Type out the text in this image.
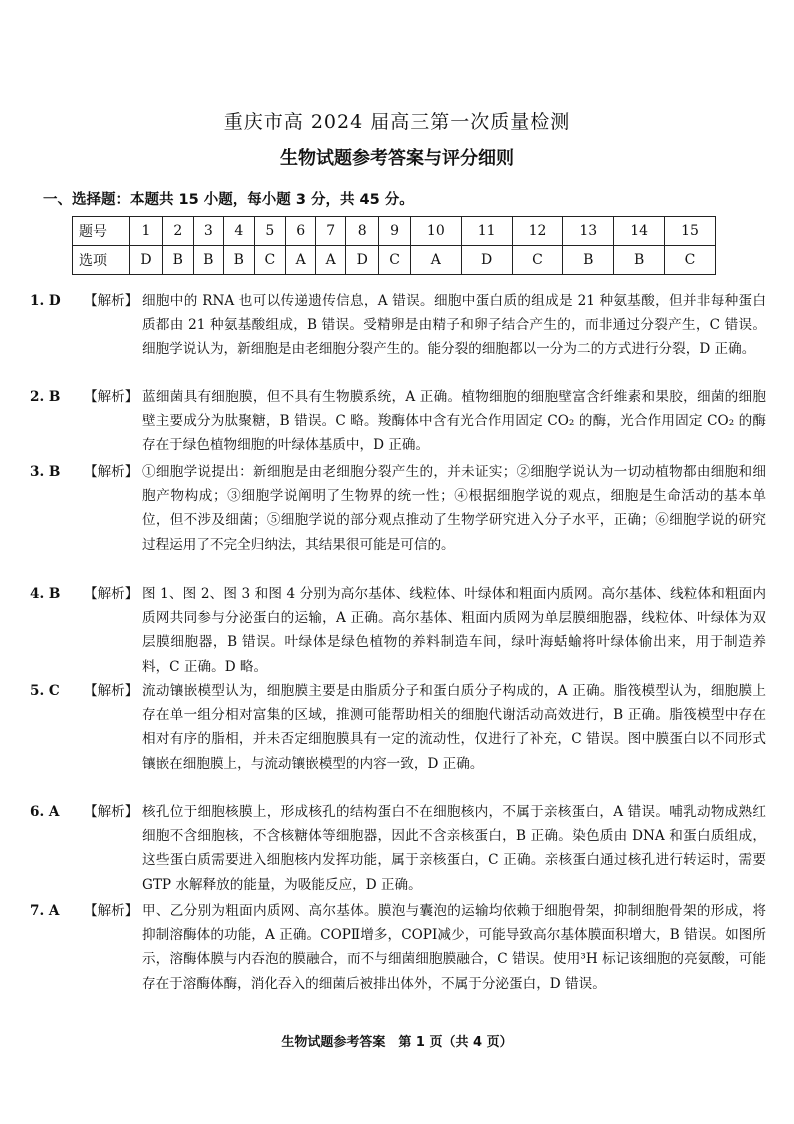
重庆市高 2024 届高三第一次质量检测
生物试题参考答案与评分细则
一、选择题：本题共 15 小题，每小题 3 分，共 45 分。
题号	1	2	3	4	5	6	7	8	9	10	11	12	13	14	15
选项	D	B	B	B	C	A	A	D	C	A	D	C	B	B	C
1. D	【解析】 细胞中的 RNA 也可以传递遗传信息，A 错误。细胞中蛋白质的组成是 21 种氨基酸，但并非每种蛋白质都由 21 种氨基酸组成，B 错误。受精卵是由精子和卵子结合产生的，而非通过分裂产生，C 错误。细胞学说认为，新细胞是由老细胞分裂产生的。能分裂的细胞都以一分为二的方式进行分裂，D 正确。
2. B	【解析】 蓝细菌具有细胞膜，但不具有生物膜系统，A 正确。植物细胞的细胞壁富含纤维素和果胶，细菌的细胞壁主要成分为肽聚糖，B 错误。C 略。羧酶体中含有光合作用固定 CO₂ 的酶，光合作用固定 CO₂ 的酶存在于绿色植物细胞的叶绿体基质中，D 正确。
3. B	【解析】 ①细胞学说提出：新细胞是由老细胞分裂产生的，并未证实；②细胞学说认为一切动植物都由细胞和细胞产物构成；③细胞学说阐明了生物界的统一性；④根据细胞学说的观点，细胞是生命活动的基本单位，但不涉及细菌；⑤细胞学说的部分观点推动了生物学研究进入分子水平，正确；⑥细胞学说的研究过程运用了不完全归纳法，其结果很可能是可信的。
4. B	【解析】 图 1、图 2、图 3 和图 4 分别为高尔基体、线粒体、叶绿体和粗面内质网。高尔基体、线粒体和粗面内质网共同参与分泌蛋白的运输，A 正确。高尔基体、粗面内质网为单层膜细胞器，线粒体、叶绿体为双层膜细胞器，B 错误。叶绿体是绿色植物的养料制造车间，绿叶海蛞蝓将叶绿体偷出来，用于制造养料，C 正确。D 略。
5. C	【解析】 流动镶嵌模型认为，细胞膜主要是由脂质分子和蛋白质分子构成的，A 正确。脂筏模型认为，细胞膜上存在单一组分相对富集的区域，推测可能帮助相关的细胞代谢活动高效进行，B 正确。脂筏模型中存在相对有序的脂相，并未否定细胞膜具有一定的流动性，仅进行了补充，C 错误。图中膜蛋白以不同形式镶嵌在细胞膜上，与流动镶嵌模型的内容一致，D 正确。
6. A	【解析】 核孔位于细胞核膜上，形成核孔的结构蛋白不在细胞核内，不属于亲核蛋白，A 错误。哺乳动物成熟红细胞不含细胞核，不含核糖体等细胞器，因此不含亲核蛋白，B 正确。染色质由 DNA 和蛋白质组成，这些蛋白质需要进入细胞核内发挥功能，属于亲核蛋白，C 正确。亲核蛋白通过核孔进行转运时，需要 GTP 水解释放的能量，为吸能反应，D 正确。
7. A	【解析】 甲、乙分别为粗面内质网、高尔基体。膜泡与囊泡的运输均依赖于细胞骨架，抑制细胞骨架的形成，将抑制溶酶体的功能，A 正确。COPⅡ增多，COPⅠ减少，可能导致高尔基体膜面积增大，B 错误。如图所示，溶酶体膜与内吞泡的膜融合，而不与细菌细胞膜融合，C 错误。使用³H 标记该细胞的亮氨酸，可能存在于溶酶体酶，消化吞入的细菌后被排出体外，不属于分泌蛋白，D 错误。
生物试题参考答案　第 1 页（共 4 页）
